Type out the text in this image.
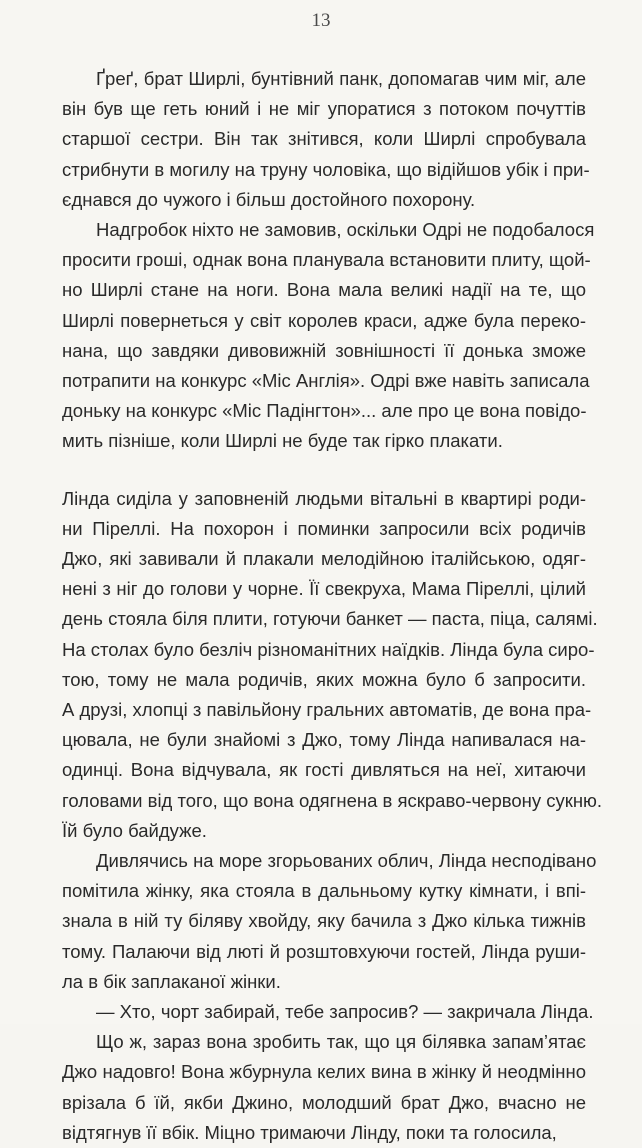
13
Ґреґ, брат Ширлі, бунтівний панк, допомагав чим міг, але
він був ще геть юний і не міг упоратися з потоком почуттів
старшої сестри. Він так знітився, коли Ширлі спробувала
стрибнути в могилу на труну чоловіка, що відійшов убік і при-
єднався до чужого і більш достойного похорону.
Надгробок ніхто не замовив, оскільки Одрі не подобалося
просити гроші, однак вона планувала встановити плиту, щой-
но Ширлі стане на ноги. Вона мала великі надії на те, що
Ширлі повернеться у світ королев краси, адже була переко-
нана, що завдяки дивовижній зовнішності її донька зможе
потрапити на конкурс «Міс Англія». Одрі вже навіть записала
доньку на конкурс «Міс Падінгтон»... але про це вона повідо-
мить пізніше, коли Ширлі не буде так гірко плакати.
Лінда сиділа у заповненій людьми вітальні в квартирі роди-
ни Піреллі. На похорон і поминки запросили всіх родичів
Джо, які завивали й плакали мелодійною італійською, одяг-
нені з ніг до голови у чорне. Її свекруха, Мама Піреллі, цілий
день стояла біля плити, готуючи банкет — паста, піца, салямі.
На столах було безліч різноманітних наїдків. Лінда була сиро-
тою, тому не мала родичів, яких можна було б запросити.
А друзі, хлопці з павільйону гральних автоматів, де вона пра-
цювала, не були знайомі з Джо, тому Лінда напивалася на-
одинці. Вона відчувала, як гості дивляться на неї, хитаючи
головами від того, що вона одягнена в яскраво-червону сукню.
Їй було байдуже.
Дивлячись на море згорьованих облич, Лінда несподівано
помітила жінку, яка стояла в дальньому кутку кімнати, і впі-
знала в ній ту біляву хвойду, яку бачила з Джо кілька тижнів
тому. Палаючи від люті й розштовхуючи гостей, Лінда руши-
ла в бік заплаканої жінки.
— Хто, чорт забирай, тебе запросив? — закричала Лінда.
Що ж, зараз вона зробить так, що ця білявка запам’ятає
Джо надовго! Вона жбурнула келих вина в жінку й неодмінно
врізала б їй, якби Джино, молодший брат Джо, вчасно не
відтягнув її вбік. Міцно тримаючи Лінду, поки та голосила,
